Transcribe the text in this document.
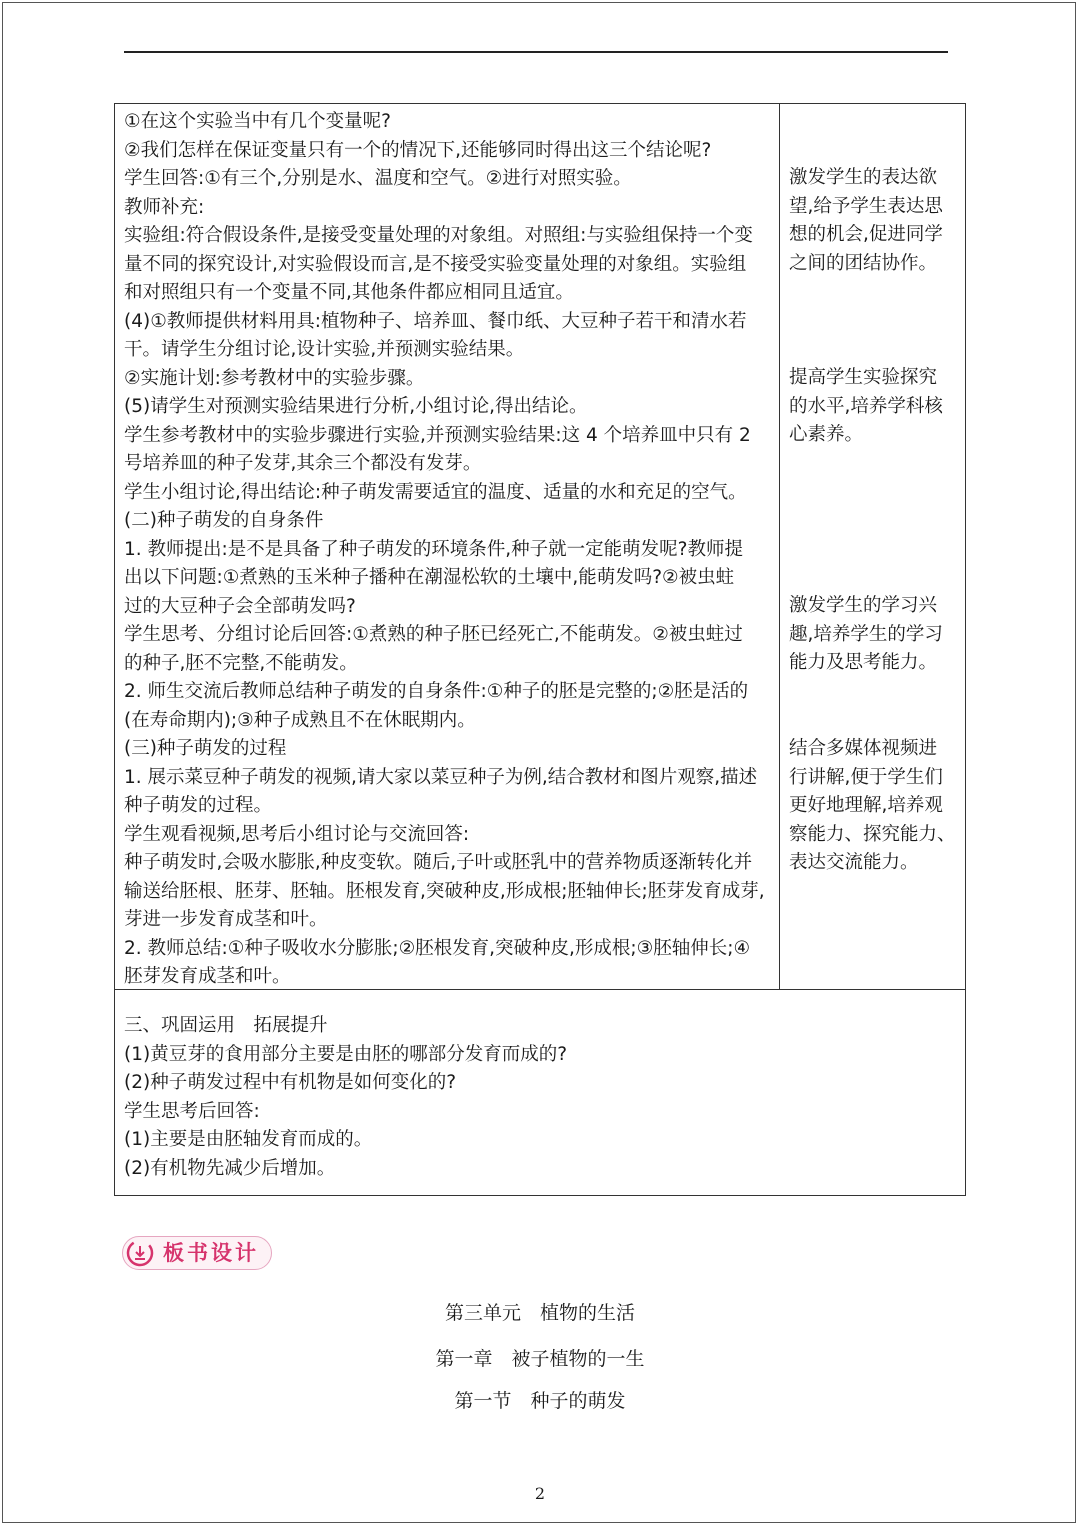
①在这个实验当中有几个变量呢?
②我们怎样在保证变量只有一个的情况下,还能够同时得出这三个结论呢?
学生回答:①有三个,分别是水、温度和空气。②进行对照实验。
教师补充:
实验组:符合假设条件,是接受变量处理的对象组。对照组:与实验组保持一个变
量不同的探究设计,对实验假设而言,是不接受实验变量处理的对象组。实验组
和对照组只有一个变量不同,其他条件都应相同且适宜。
(4)①教师提供材料用具:植物种子、培养皿、餐巾纸、大豆种子若干和清水若
干。请学生分组讨论,设计实验,并预测实验结果。
②实施计划:参考教材中的实验步骤。
(5)请学生对预测实验结果进行分析,小组讨论,得出结论。
学生参考教材中的实验步骤进行实验,并预测实验结果:这 4 个培养皿中只有 2
号培养皿的种子发芽,其余三个都没有发芽。
学生小组讨论,得出结论:种子萌发需要适宜的温度、适量的水和充足的空气。
(二)种子萌发的自身条件
1. 教师提出:是不是具备了种子萌发的环境条件,种子就一定能萌发呢?教师提
出以下问题:①煮熟的玉米种子播种在潮湿松软的土壤中,能萌发吗?②被虫蛀
过的大豆种子会全部萌发吗?
学生思考、分组讨论后回答:①煮熟的种子胚已经死亡,不能萌发。②被虫蛀过
的种子,胚不完整,不能萌发。
2. 师生交流后教师总结种子萌发的自身条件:①种子的胚是完整的;②胚是活的
(在寿命期内);③种子成熟且不在休眠期内。
(三)种子萌发的过程
1. 展示菜豆种子萌发的视频,请大家以菜豆种子为例,结合教材和图片观察,描述
种子萌发的过程。
学生观看视频,思考后小组讨论与交流回答:
种子萌发时,会吸水膨胀,种皮变软。随后,子叶或胚乳中的营养物质逐渐转化并
输送给胚根、胚芽、胚轴。胚根发育,突破种皮,形成根;胚轴伸长;胚芽发育成芽,
芽进一步发育成茎和叶。
2. 教师总结:①种子吸收水分膨胀;②胚根发育,突破种皮,形成根;③胚轴伸长;④
胚芽发育成茎和叶。
激发学生的表达欲
望,给予学生表达思
想的机会,促进同学
之间的团结协作。
提高学生实验探究
的水平,培养学科核
心素养。
激发学生的学习兴
趣,培养学生的学习
能力及思考能力。
结合多媒体视频进
行讲解,便于学生们
更好地理解,培养观
察能力、探究能力、
表达交流能力。
三、巩固运用　拓展提升
(1)黄豆芽的食用部分主要是由胚的哪部分发育而成的?
(2)种子萌发过程中有机物是如何变化的?
学生思考后回答:
(1)主要是由胚轴发育而成的。
(2)有机物先减少后增加。
板书设计
第三单元　植物的生活
第一章　被子植物的一生
第一节　种子的萌发
2
